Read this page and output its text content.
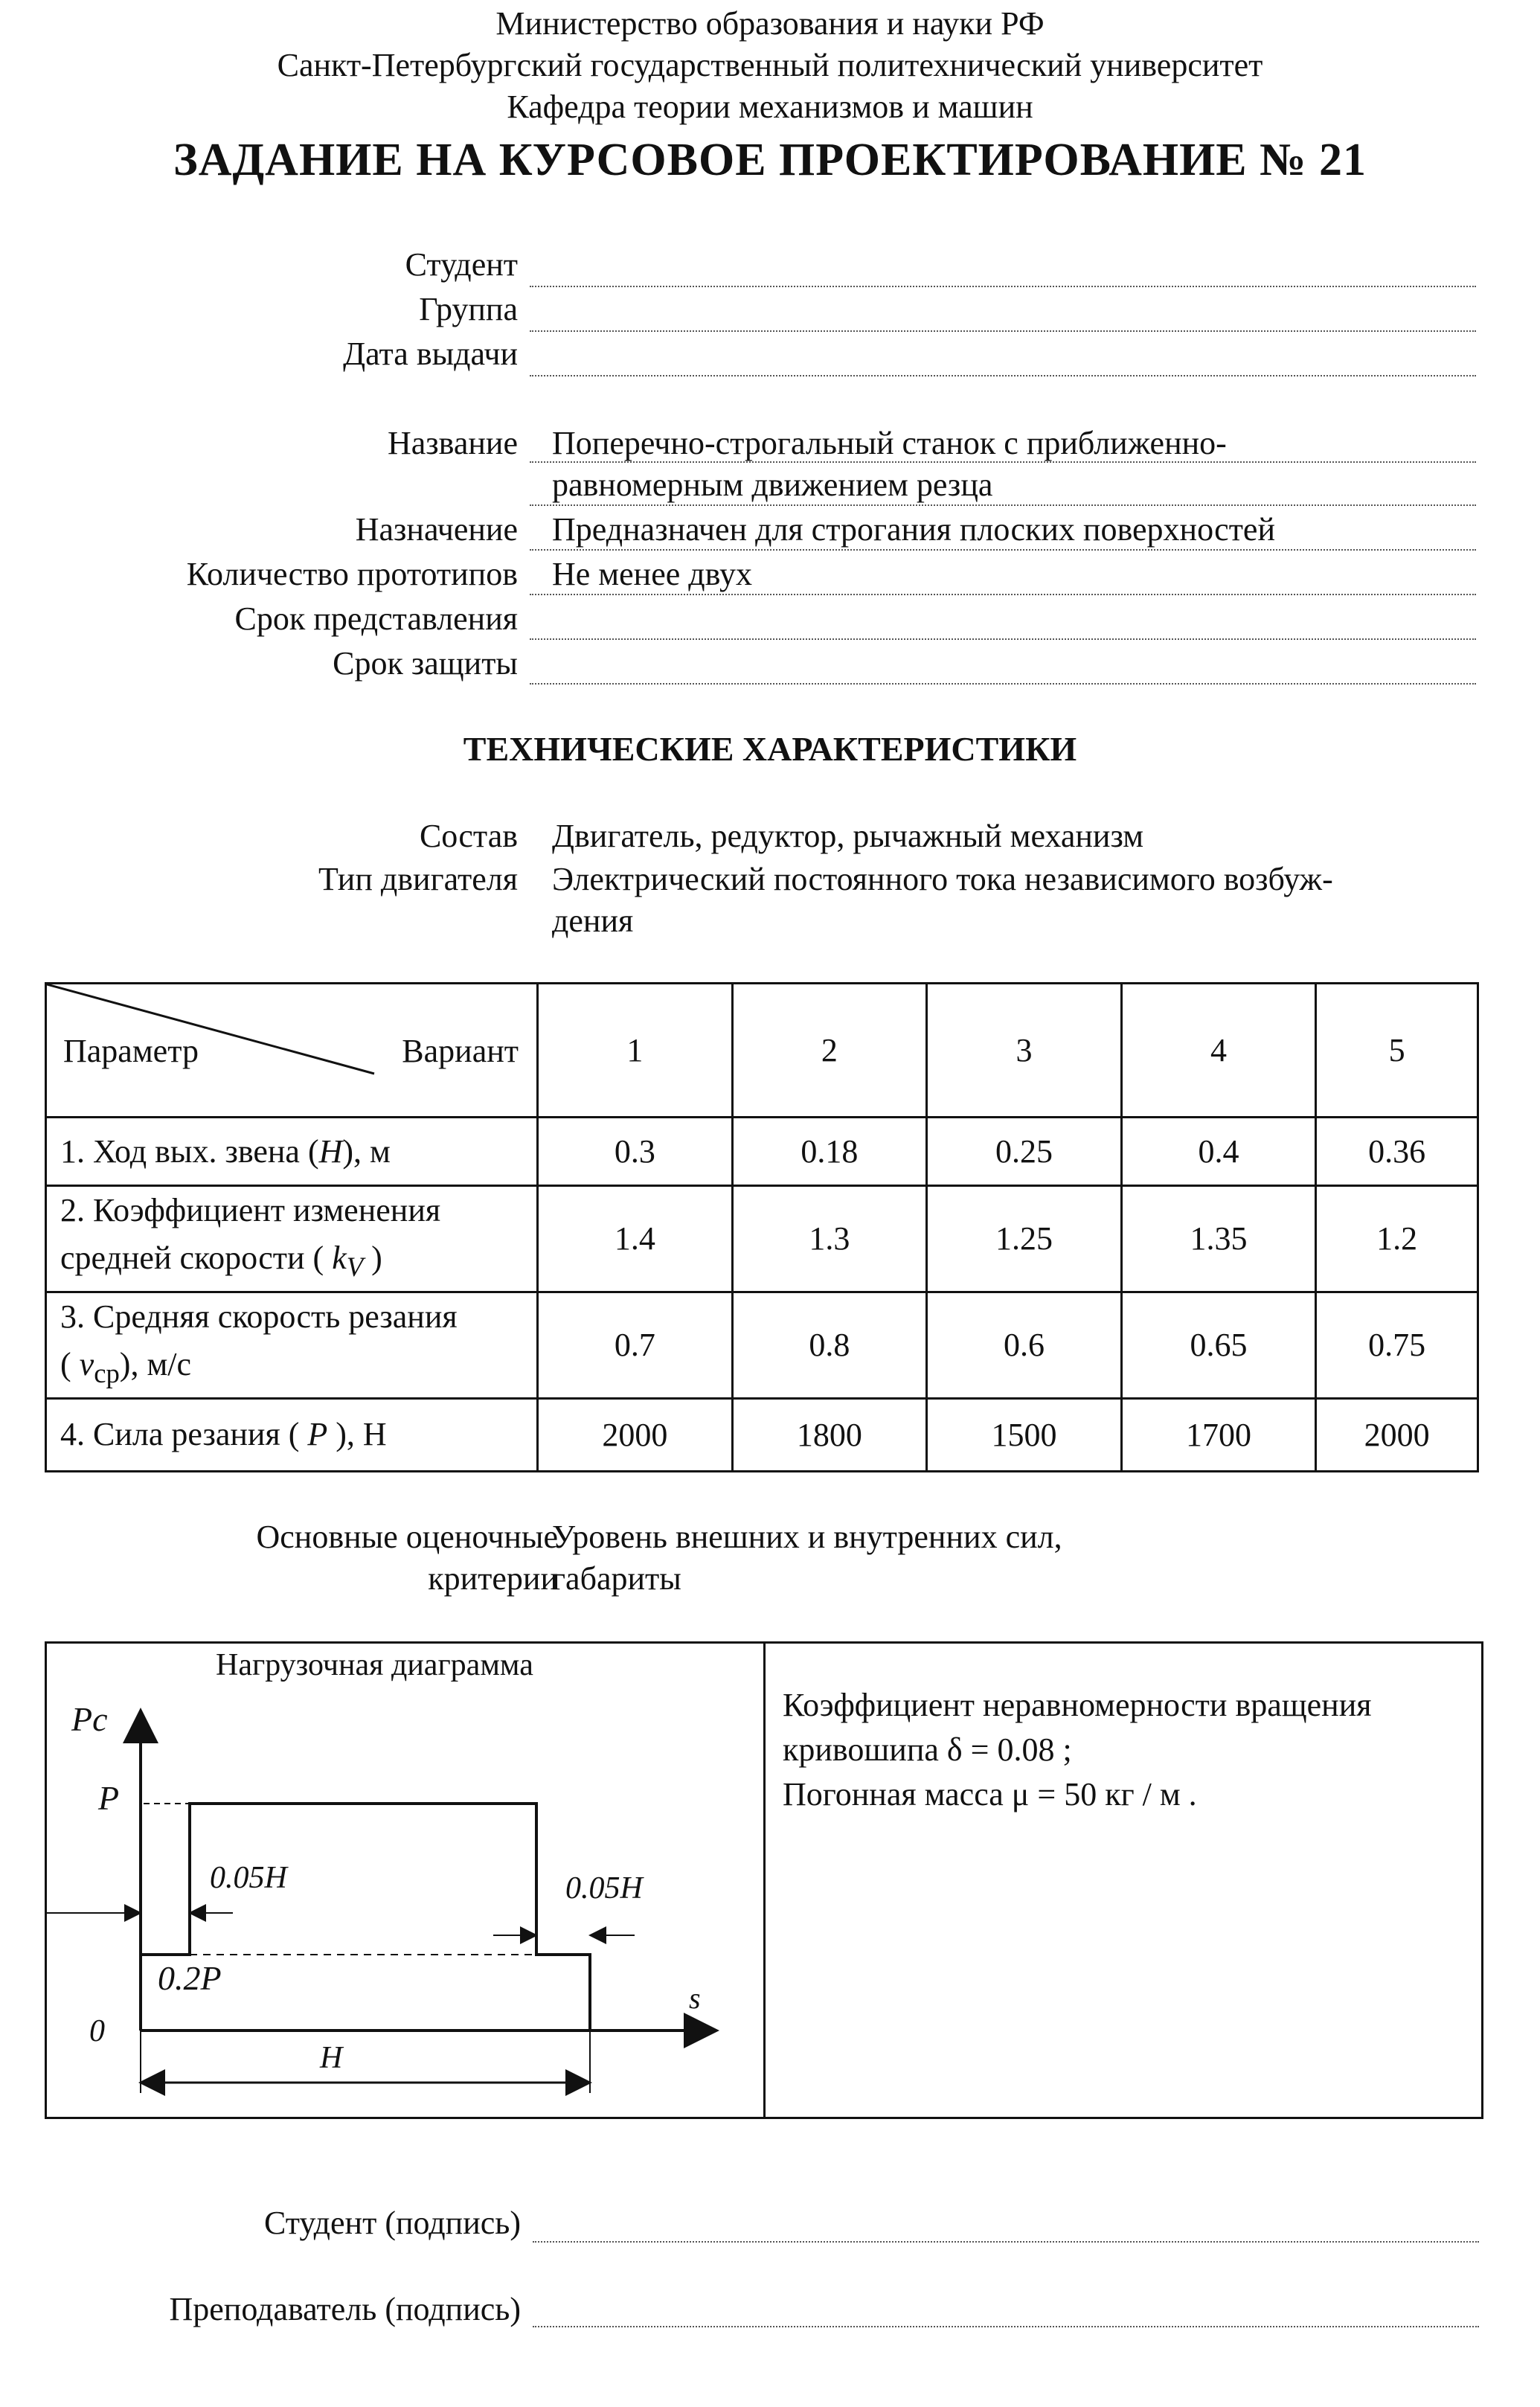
Министерство образования и науки РФ
Санкт-Петербургский государственный политехнический университет
Кафедра теории механизмов и машин
ЗАДАНИЕ НА КУРСОВОЕ ПРОЕКТИРОВАНИЕ № 21
Студент
Группа
Дата выдачи
Название Поперечно-строгальный станок с приближенно-
равномерным движением резца
Назначение Предназначен для строгания плоских поверхностей
Количество прототипов Не менее двух
Срок представления
Срок защиты
ТЕХНИЧЕСКИЕ ХАРАКТЕРИСТИКИ
Состав Двигатель, редуктор, рычажный механизм
Тип двигателя Электрический постоянного тока независимого возбуж-
дения
Параметр Вариант	1	2	3	4	5
1. Ход вых. звена (H), м	0.3	0.18	0.25	0.4	0.36
2. Коэффициент изменения
средней скорости ( $k_V$ )	1.4	1.3	1.25	1.35	1.2
3. Средняя скорость резания
( $v_{ср}$), м/с	0.7	0.8	0.6	0.65	0.75
4. Сила резания ( P ), Н	2000	1800	1500	1700	2000
Основные оценочные
критерии
Уровень внешних и внутренних сил,
габариты
Нагрузочная диаграмма
Pс
s
P
0.2P
0
0.05H	0.05H
H
Коэффициент неравномерности вращения
кривошипа δ = 0.08 ;
Погонная масса μ = 50 кг / м .
Студент (подпись)
Преподаватель (подпись)
